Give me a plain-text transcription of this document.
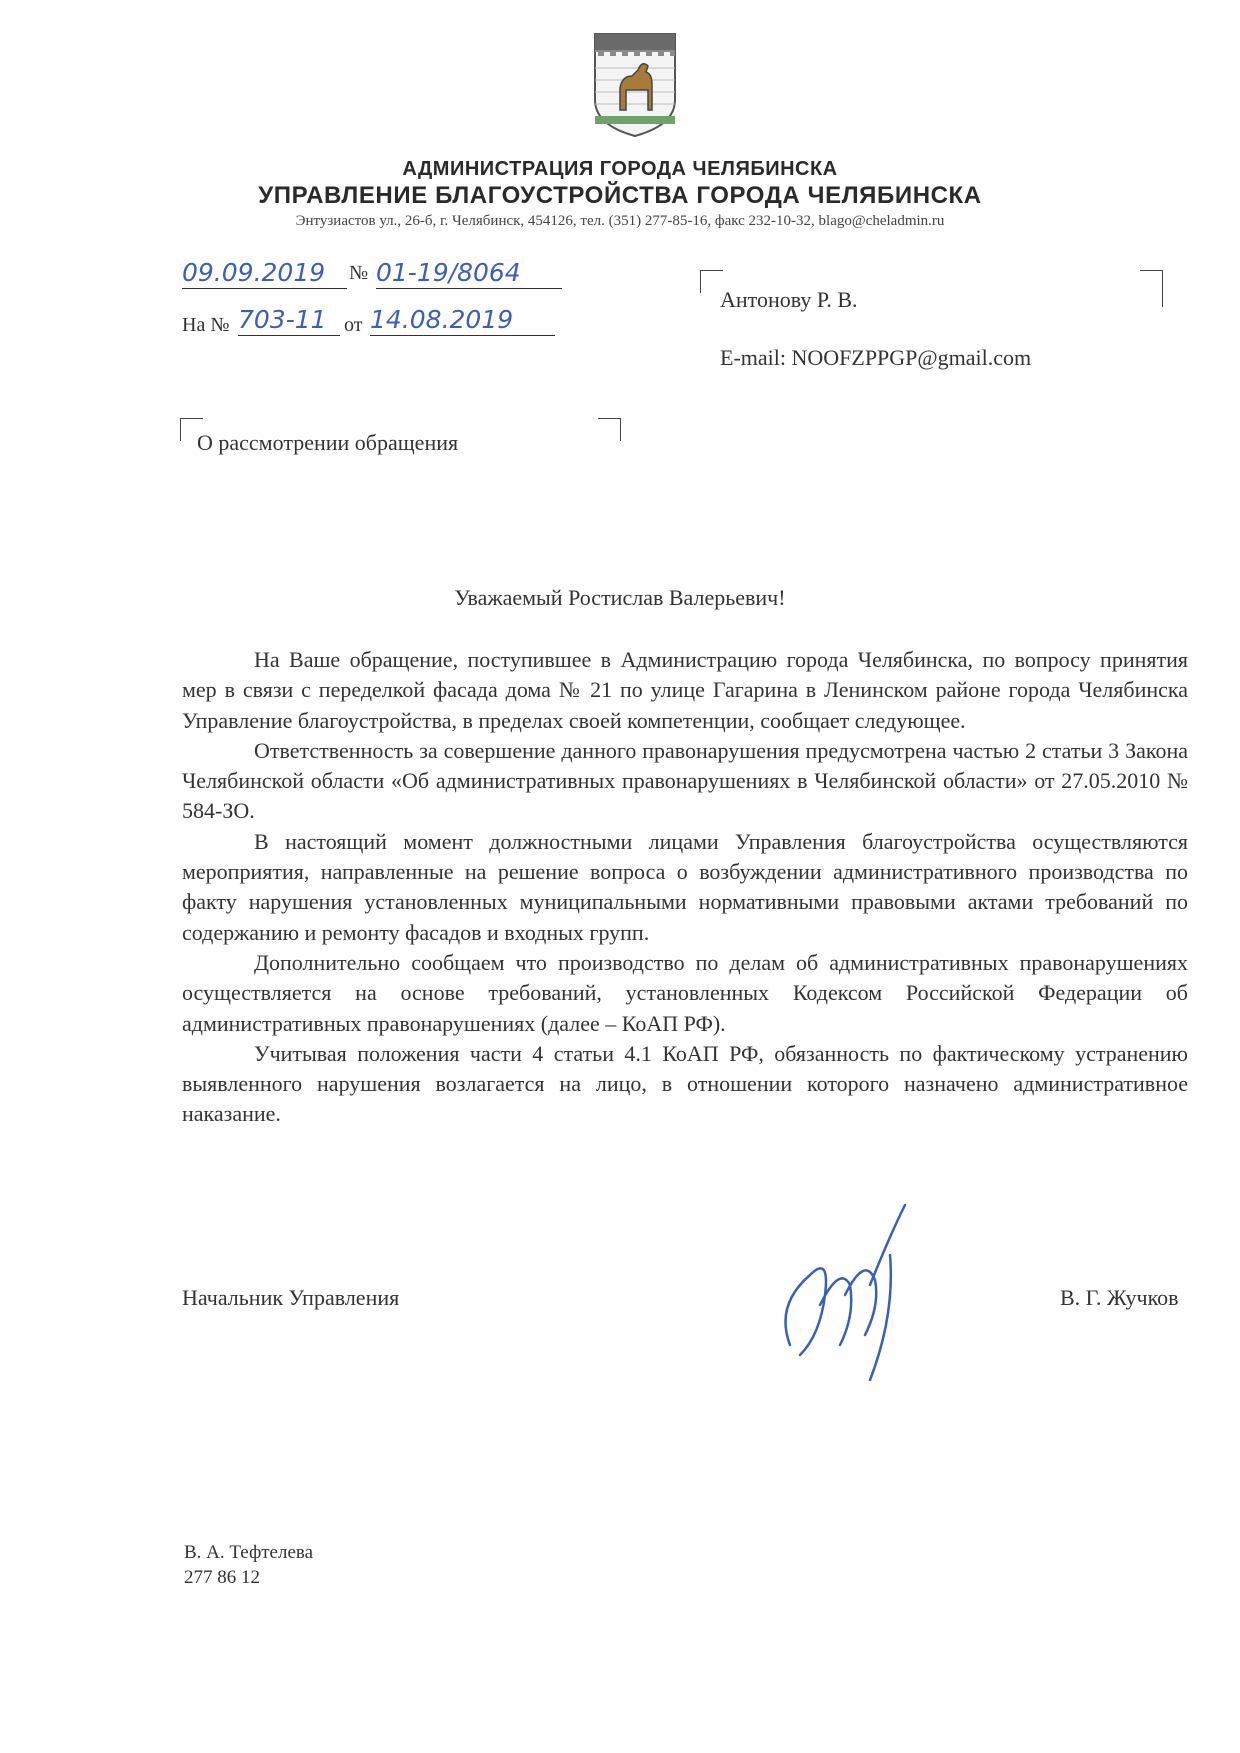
АДМИНИСТРАЦИЯ ГОРОДА ЧЕЛЯБИНСКА
УПРАВЛЕНИЕ БЛАГОУСТРОЙСТВА ГОРОДА ЧЕЛЯБИНСКА
Энтузиастов ул., 26-б, г. Челябинск, 454126, тел. (351) 277-85-16, факс 232-10-32, blago@cheladmin.ru
09.09.2019	№ 01-19/8064
На № 703-11 от 14.08.2019
Антонову Р. В.
E-mail: NOOFZPPGP@gmail.com
О рассмотрении обращения
Уважаемый Ростислав Валерьевич!

На Ваше обращение, поступившее в Администрацию города Челябинска, по вопросу принятия мер в связи с переделкой фасада дома № 21 по улице Гагарина в Ленинском районе города Челябинска Управление благоустройства, в пределах своей компетенции, сообщает следующее.

Ответственность за совершение данного правонарушения предусмотрена частью 2 статьи 3 Закона Челябинской области «Об административных правонарушениях в Челябинской области» от 27.05.2010 № 584-ЗО.

В настоящий момент должностными лицами Управления благоустройства осуществляются мероприятия, направленные на решение вопроса о возбуждении административного производства по факту нарушения установленных муниципальными нормативными правовыми актами требований по содержанию и ремонту фасадов и входных групп.

Дополнительно сообщаем что производство по делам об административных правонарушениях осуществляется на основе требований, установленных Кодексом Российской Федерации об административных правонарушениях (далее – КоАП РФ).

Учитывая положения части 4 статьи 4.1 КоАП РФ, обязанность по фактическому устранению выявленного нарушения возлагается на лицо, в отношении которого назначено административное наказание.

Начальник Управления	В. Г. Жучков
В. А. Тефтелева
277 86 12
